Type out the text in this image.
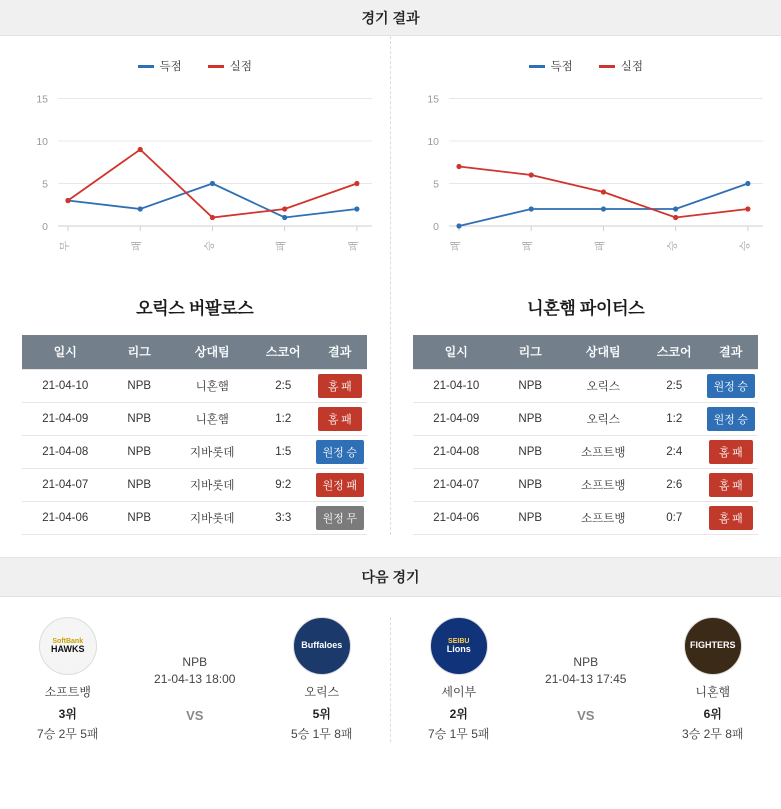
경기 결과
득점	실점
0
5
10
15
무	패	승	패	패
오릭스 버팔로스
일시	리그	상대팀	스코어	결과
21-04-10	NPB	니혼햄	2:5	홈 패
21-04-09	NPB	니혼햄	1:2	홈 패
21-04-08	NPB	지바롯데	1:5	원정 승
21-04-07	NPB	지바롯데	9:2	원정 패
21-04-06	NPB	지바롯데	3:3	원정 무
득점	실점
0
5
10
15
패	패	패	승	승
니혼햄 파이터스
일시	리그	상대팀	스코어	결과
21-04-10	NPB	오릭스	2:5	원정 승
21-04-09	NPB	오릭스	1:2	원정 승
21-04-08	NPB	소프트뱅	2:4	홈 패
21-04-07	NPB	소프트뱅	2:6	홈 패
21-04-06	NPB	소프트뱅	0:7	홈 패
다음 경기
SoftBank
HAWKS
소프트뱅
3위
7승 2무 5패
NPB
21-04-13 18:00
VS
Buffaloes
오릭스
5위
5승 1무 8패
SEIBU
Lions
세이부
2위
7승 1무 5패
NPB
21-04-13 17:45
VS
FIGHTERS
니혼햄
6위
3승 2무 8패
